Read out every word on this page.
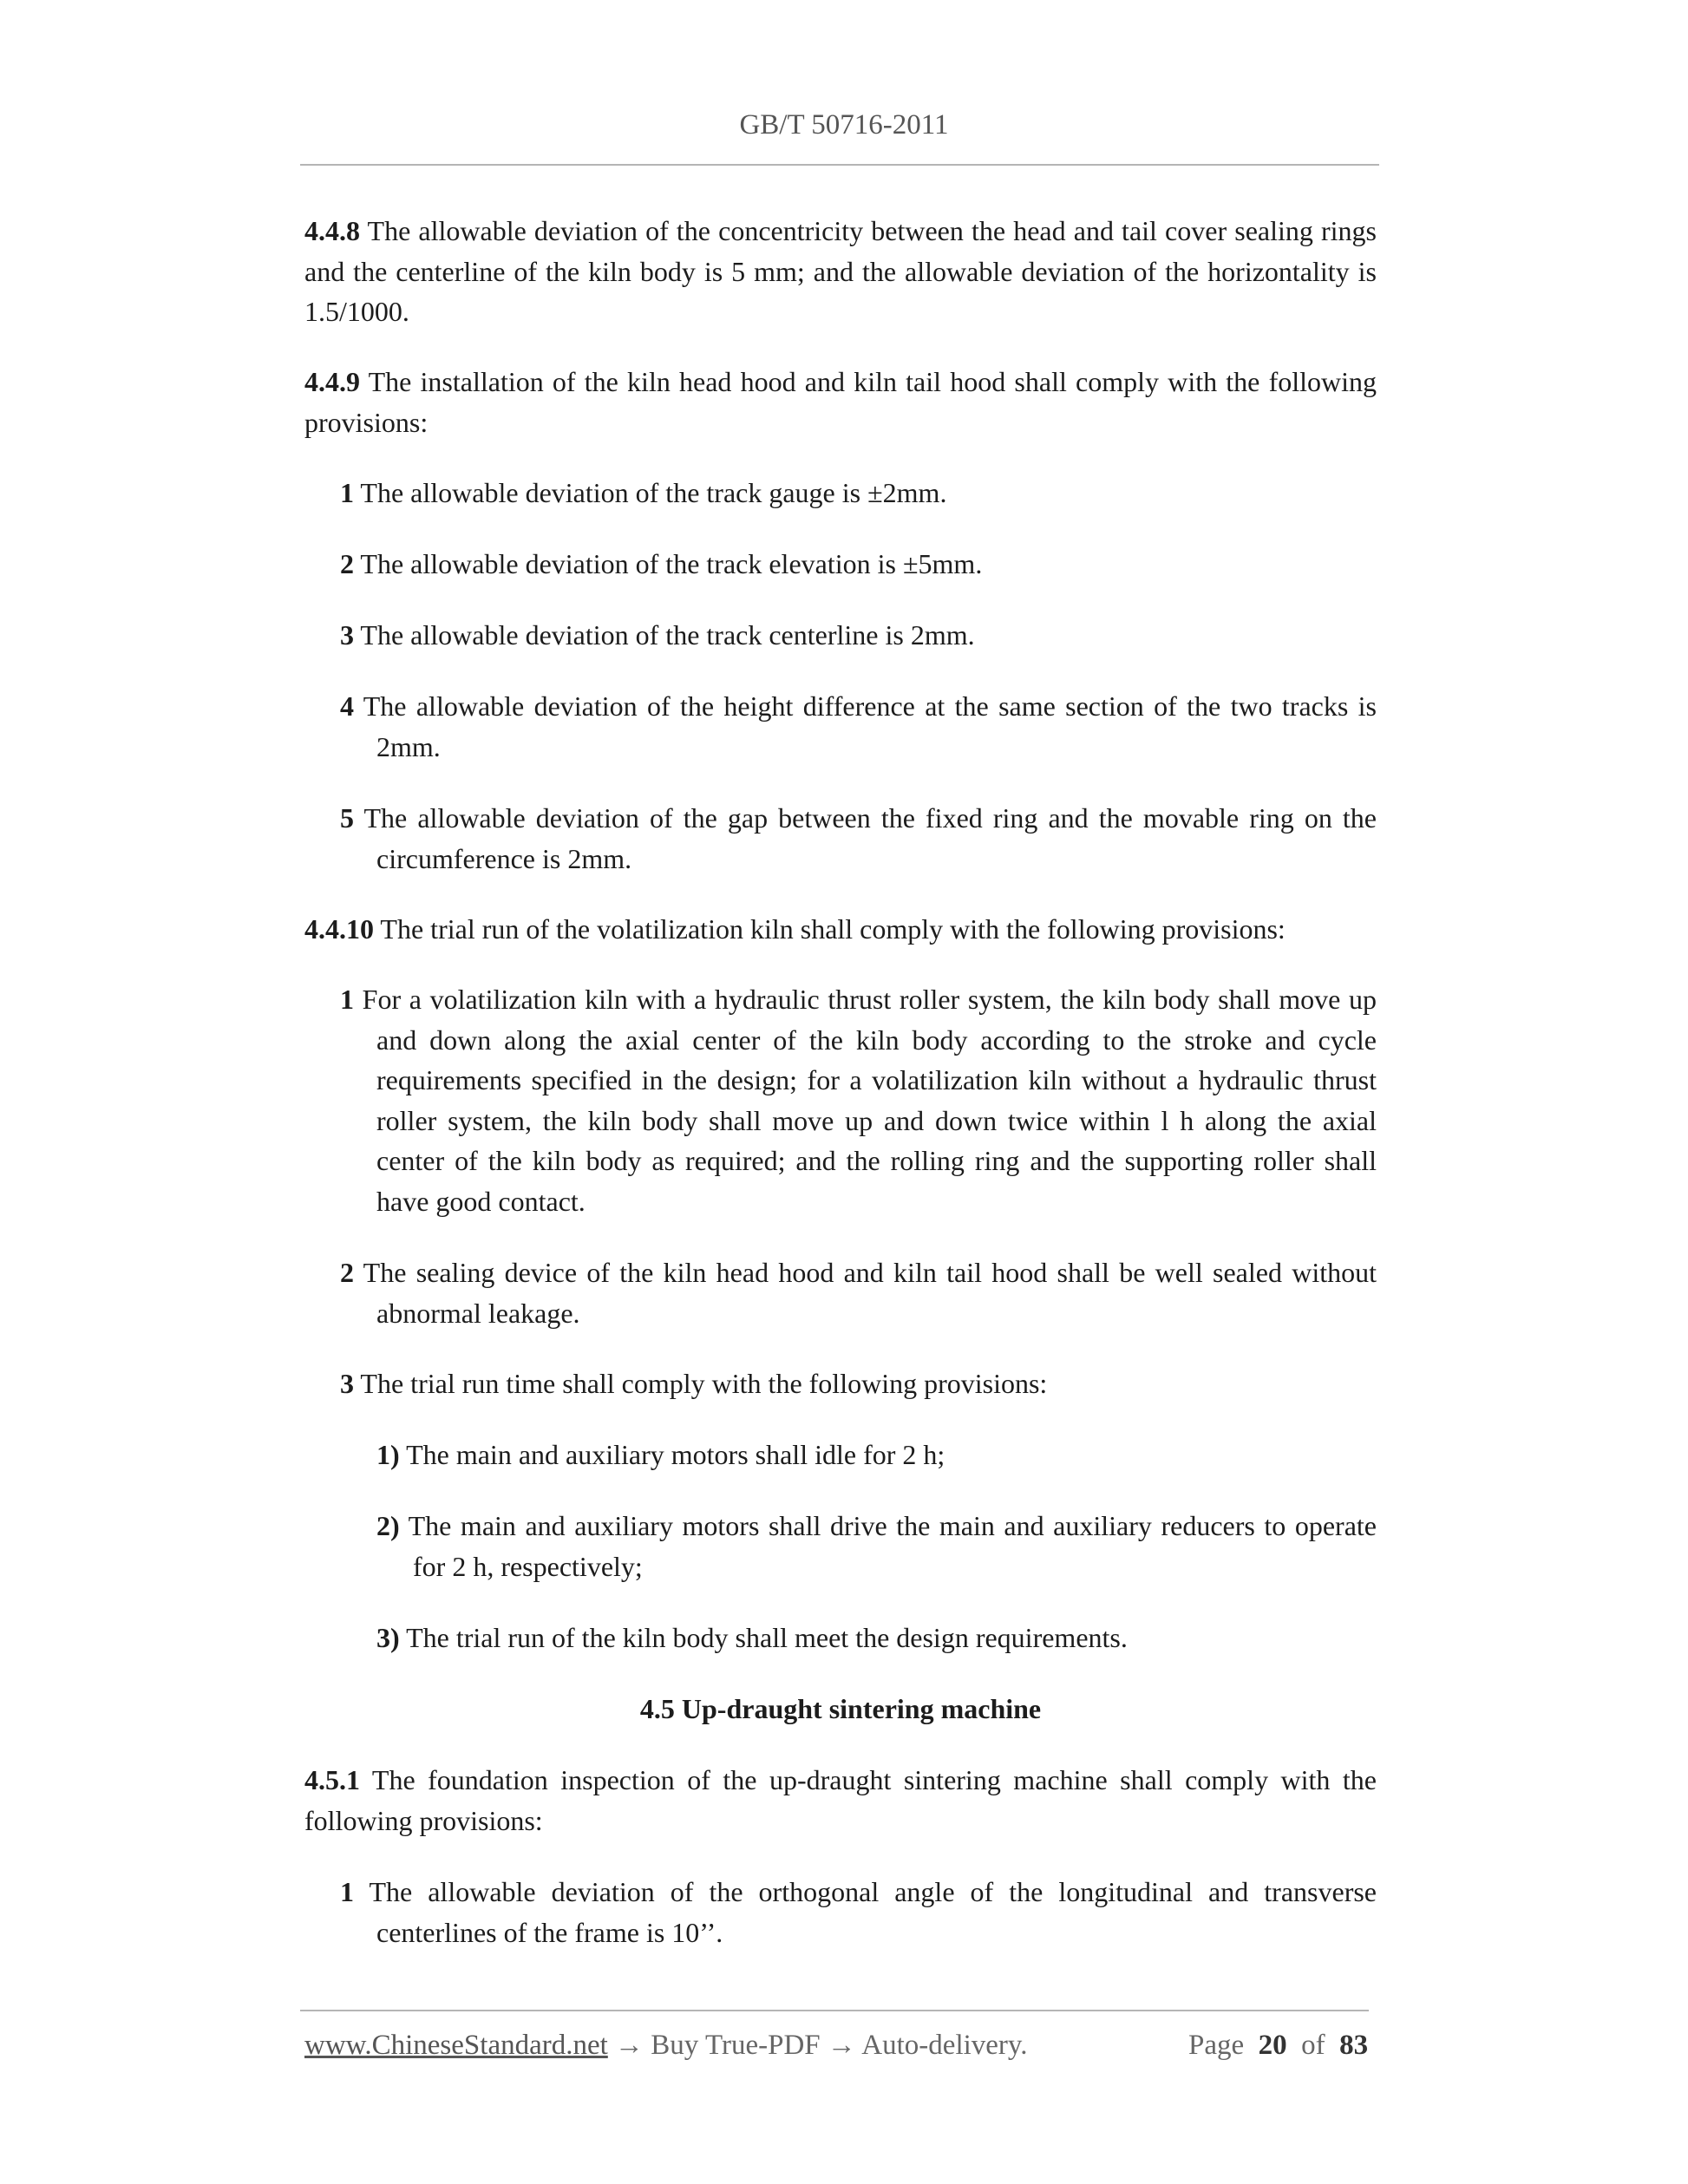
GB/T 50716-2011

4.4.8 The allowable deviation of the concentricity between the head and tail cover sealing rings and the centerline of the kiln body is 5 mm; and the allowable deviation of the horizontality is 1.5/1000.

4.4.9 The installation of the kiln head hood and kiln tail hood shall comply with the following provisions:

1 The allowable deviation of the track gauge is ±2mm.

2 The allowable deviation of the track elevation is ±5mm.

3 The allowable deviation of the track centerline is 2mm.

4 The allowable deviation of the height difference at the same section of the two tracks is 2mm.

5 The allowable deviation of the gap between the fixed ring and the movable ring on the circumference is 2mm.

4.4.10 The trial run of the volatilization kiln shall comply with the following provisions:

1 For a volatilization kiln with a hydraulic thrust roller system, the kiln body shall move up and down along the axial center of the kiln body according to the stroke and cycle requirements specified in the design; for a volatilization kiln without a hydraulic thrust roller system, the kiln body shall move up and down twice within l h along the axial center of the kiln body as required; and the rolling ring and the supporting roller shall have good contact.

2 The sealing device of the kiln head hood and kiln tail hood shall be well sealed without abnormal leakage.

3 The trial run time shall comply with the following provisions:

1) The main and auxiliary motors shall idle for 2 h;

2) The main and auxiliary motors shall drive the main and auxiliary reducers to operate for 2 h, respectively;

3) The trial run of the kiln body shall meet the design requirements.

4.5 Up-draught sintering machine

4.5.1 The foundation inspection of the up-draught sintering machine shall comply with the following provisions:

1 The allowable deviation of the orthogonal angle of the longitudinal and transverse centerlines of the frame is 10’’.

www.ChineseStandard.net → Buy True-PDF → Auto-delivery.	Page 20 of 83
